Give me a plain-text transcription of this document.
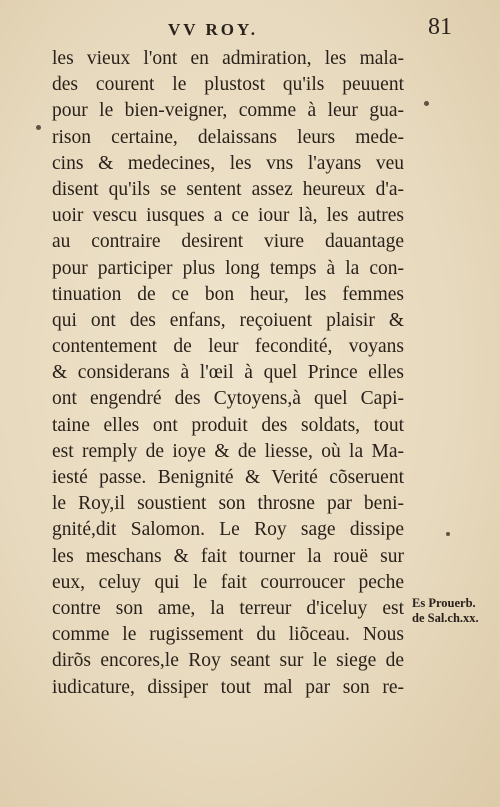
VV ROY.	81
les vieux l'ont en admiration, les mala-
des courent le plustost qu'ils peuuent
pour le bien-veigner, comme à leur gua-
rison certaine, delaissans leurs mede-
cins & medecines, les vns l'ayans veu
disent qu'ils se sentent assez heureux d'a-
uoir vescu iusques a ce iour là, les autres
au contraire desirent viure dauantage
pour participer plus long temps à la con-
tinuation de ce bon heur, les femmes
qui ont des enfans, reçoiuent plaisir &
contentement de leur fecondité, voyans
& considerans à l'œil à quel Prince elles
ont engendré des Cytoyens,à quel Capi-
taine elles ont produit des soldats, tout
est remply de ioye & de liesse, où la Ma-
iesté passe. Benignité & Verité cõseruent
le Roy,il soustient son throsne par beni-
gnité,dit Salomon. Le Roy sage dissipe
les meschans & fait tourner la rouë sur
eux, celuy qui le fait courroucer peche
contre son ame, la terreur d'iceluy est
comme le rugissement du liõceau. Nous
dirõs encores,le Roy seant sur le siege de
iudicature, dissiper tout mal par son re-
Es Prouerb.
de Sal.ch.xx.
